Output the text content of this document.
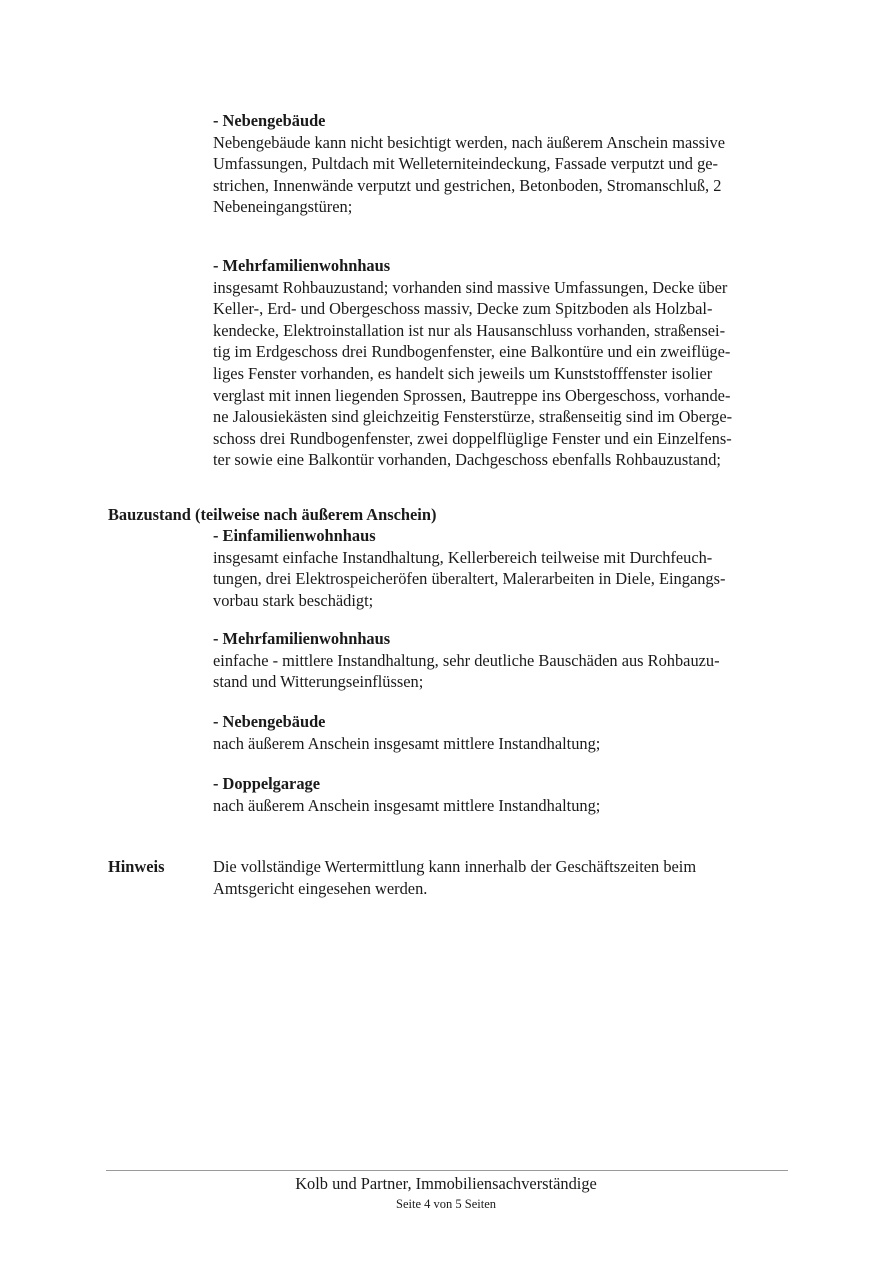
- Nebengebäude
Nebengebäude kann nicht besichtigt werden, nach äußerem Anschein massive
Umfassungen, Pultdach mit Welleterniteindeckung, Fassade verputzt und ge-
strichen, Innenwände verputzt und gestrichen, Betonboden, Stromanschluß, 2
Nebeneingangstüren;
- Mehrfamilienwohnhaus
insgesamt Rohbauzustand; vorhanden sind massive Umfassungen, Decke über
Keller-, Erd- und Obergeschoss massiv, Decke zum Spitzboden als Holzbal-
kendecke, Elektroinstallation ist nur als Hausanschluss vorhanden, straßensei-
tig im Erdgeschoss drei Rundbogenfenster, eine Balkontüre und ein zweiflüge-
liges Fenster vorhanden, es handelt sich jeweils um Kunststofffenster isolier
verglast mit innen liegenden Sprossen, Bautreppe ins Obergeschoss, vorhande-
ne Jalousiekästen sind gleichzeitig Fensterstürze, straßenseitig sind im Oberge-
schoss drei Rundbogenfenster, zwei doppelflüglige Fenster und ein Einzelfens-
ter sowie eine Balkontür vorhanden, Dachgeschoss ebenfalls Rohbauzustand;
Bauzustand (teilweise nach äußerem Anschein)
- Einfamilienwohnhaus
insgesamt einfache Instandhaltung, Kellerbereich teilweise mit Durchfeuch-
tungen, drei Elektrospeicheröfen überaltert, Malerarbeiten in Diele, Eingangs-
vorbau stark beschädigt;
- Mehrfamilienwohnhaus
einfache - mittlere Instandhaltung, sehr deutliche Bauschäden aus Rohbauzu-
stand und Witterungseinflüssen;
- Nebengebäude
nach äußerem Anschein insgesamt mittlere Instandhaltung;
- Doppelgarage
nach äußerem Anschein insgesamt mittlere Instandhaltung;
Hinweis	Die vollständige Wertermittlung kann innerhalb der Geschäftszeiten beim
Amtsgericht eingesehen werden.
Kolb und Partner, Immobiliensachverständige
Seite 4 von 5 Seiten
